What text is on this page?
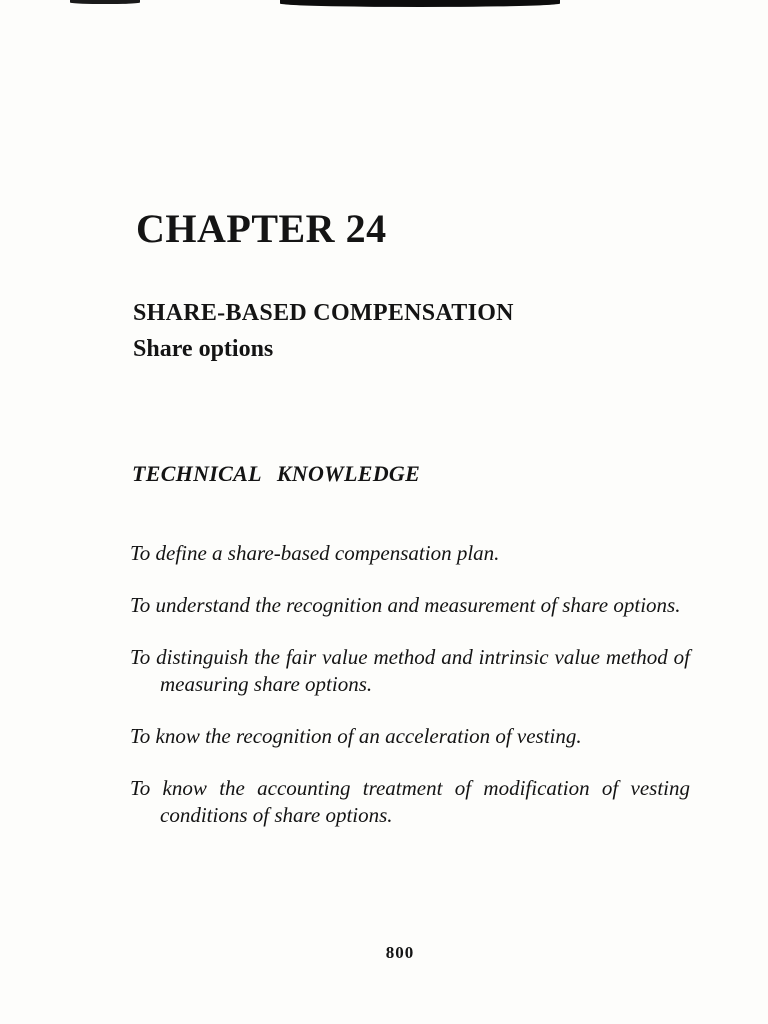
CHAPTER 24
SHARE-BASED COMPENSATION
Share options
TECHNICAL KNOWLEDGE
To define a share-based compensation plan.
To understand the recognition and measurement of share options.
To distinguish the fair value method and intrinsic value method of measuring share options.
To know the recognition of an acceleration of vesting.
To know the accounting treatment of modification of vesting conditions of share options.

800
